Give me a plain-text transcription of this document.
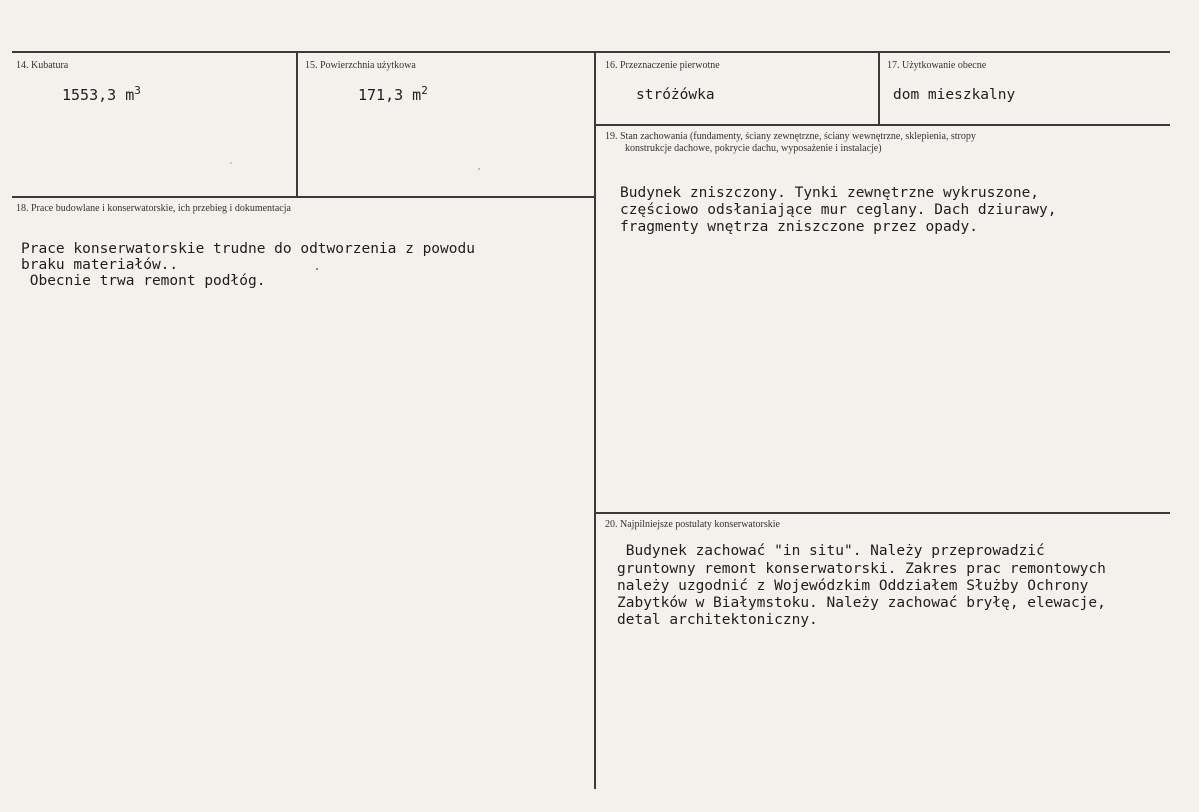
14. Kubatura
1553,3 $m^3$
15. Powierzchnia użytkowa
171,3 $m^2$
16. Przeznaczenie pierwotne
stróżówka
17. Użytkowanie obecne
dom mieszkalny
18. Prace budowlane i konserwatorskie, ich przebieg i dokumentacja
Prace konserwatorskie trudne do odtworzenia z powodu
braku materiałów..
Obecnie trwa remont podłóg.
19. Stan zachowania (fundamenty, ściany zewnętrzne, ściany wewnętrzne, sklepienia, stropy
konstrukcje dachowe, pokrycie dachu, wyposażenie i instalacje)
Budynek zniszczony. Tynki zewnętrzne wykruszone,
częściowo odsłaniające mur ceglany. Dach dziurawy,
fragmenty wnętrza zniszczone przez opady.
20. Najpilniejsze postulaty konserwatorskie
Budynek zachować "in situ". Należy przeprowadzić
gruntowny remont konserwatorski. Zakres prac remontowych
należy uzgodnić z Wojewódzkim Oddziałem Służby Ochrony
Zabytków w Białymstoku. Należy zachować bryłę, elewacje,
detal architektoniczny.
